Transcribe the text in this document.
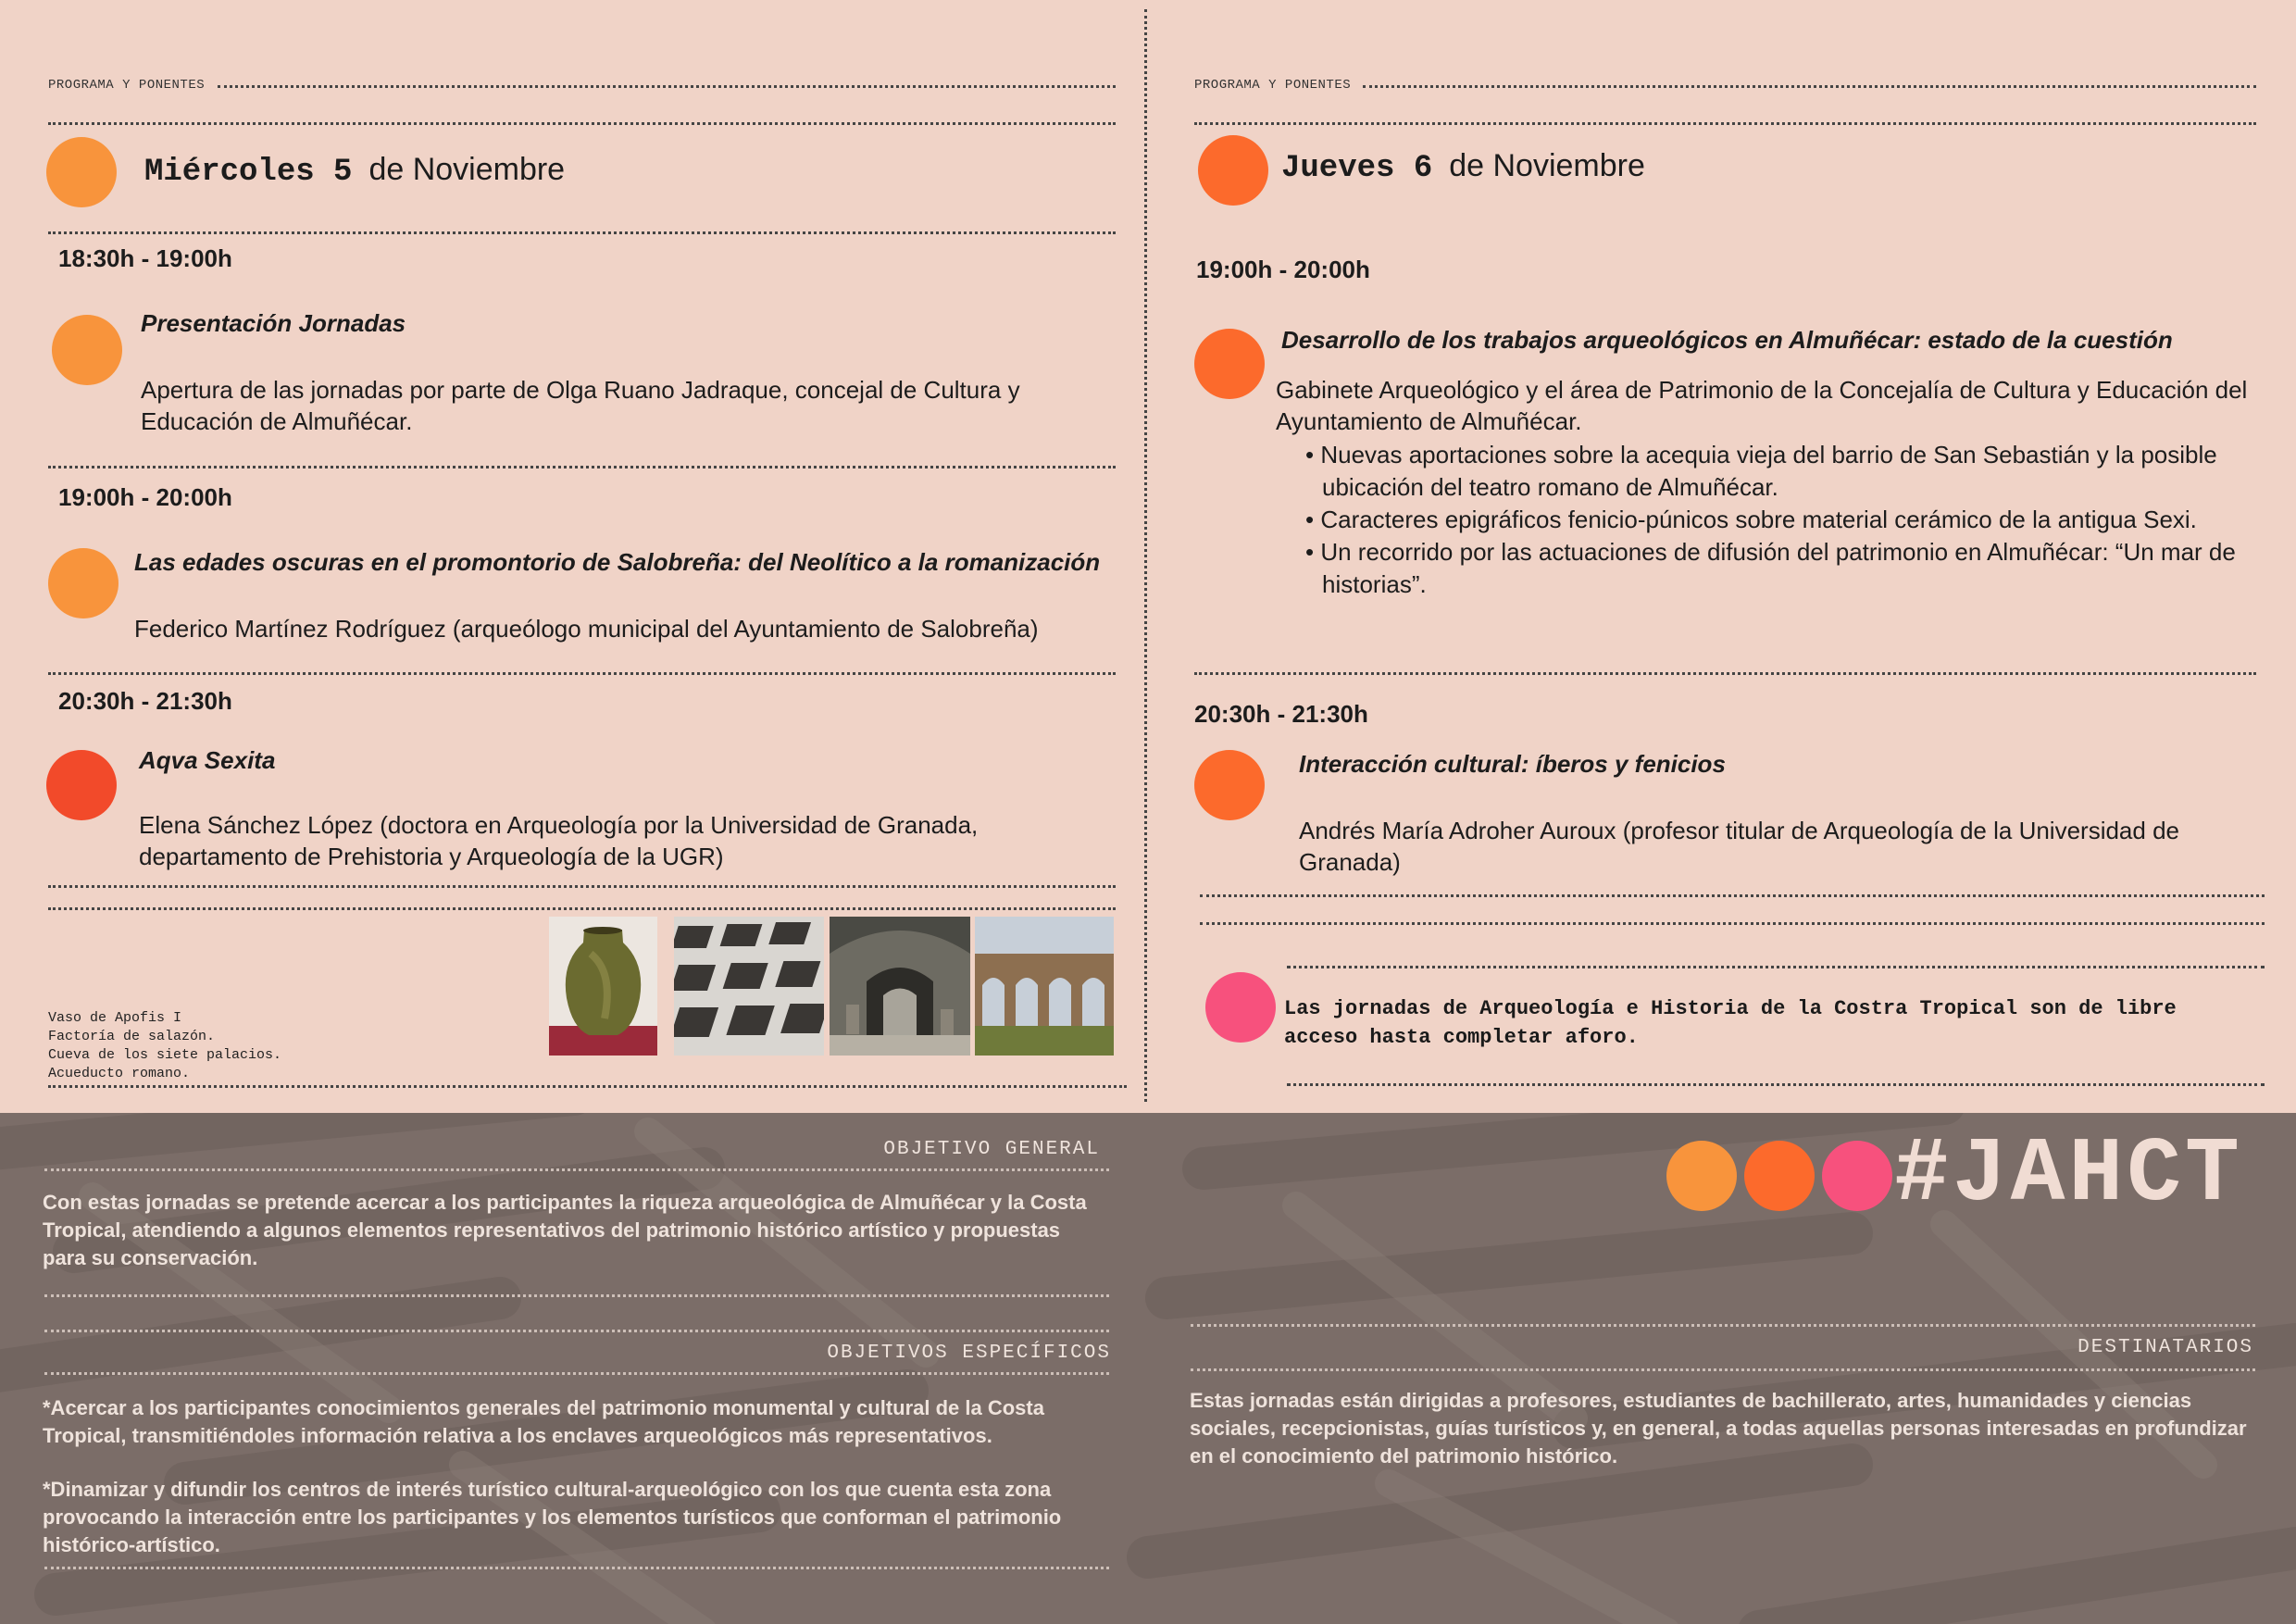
PROGRAMA Y PONENTES
Miércoles 5 de Noviembre
18:30h - 19:00h
Presentación Jornadas
Apertura de las jornadas por parte de Olga Ruano Jadraque, concejal de Cultura y Educación de Almuñécar.
19:00h - 20:00h
Las edades oscuras en el promontorio de Salobreña: del Neolítico a la romanización
Federico Martínez Rodríguez (arqueólogo municipal del Ayuntamiento de Salobreña)
20:30h - 21:30h
Aqva Sexita
Elena Sánchez López (doctora en Arqueología por la Universidad de Granada, departamento de Prehistoria y Arqueología de la UGR)
Vaso de Apofis I
Factoría de salazón.
Cueva de los siete palacios.
Acueducto romano.
PROGRAMA Y PONENTES
Jueves 6 de Noviembre
19:00h - 20:00h
Desarrollo de los trabajos arqueológicos en Almuñécar: estado de la cuestión
Gabinete Arqueológico y el área de Patrimonio de la Concejalía de Cultura y Educación del Ayuntamiento de Almuñécar.
• Nuevas aportaciones sobre la acequia vieja del barrio de San Sebastián y la posible ubicación del teatro romano de Almuñécar.
• Caracteres epigráficos fenicio-púnicos sobre material cerámico de la antigua Sexi.
• Un recorrido por las actuaciones de difusión del patrimonio en Almuñécar: “Un mar de historias”.
20:30h - 21:30h
Interacción cultural: íberos y fenicios
Andrés María Adroher Auroux (profesor titular de Arqueología de la Universidad de Granada)
Las jornadas de Arqueología e Historia de la Costra Tropical son de libre acceso hasta completar aforo.
OBJETIVO GENERAL
Con estas jornadas se pretende acercar a los participantes la riqueza arqueológica de Almuñécar y la Costa Tropical, atendiendo a algunos elementos representativos del patrimonio histórico artístico y propuestas para su conservación.
OBJETIVOS ESPECÍFICOS
*Acercar a los participantes conocimientos generales del patrimonio monumental y cultural de la Costa Tropical, transmitiéndoles información relativa a los enclaves arqueológicos más representativos.
*Dinamizar y difundir los centros de interés turístico cultural-arqueológico con los que cuenta esta zona provocando la interacción entre los participantes y los elementos turísticos que conforman el patrimonio histórico-artístico.
#JAHCT
DESTINATARIOS
Estas jornadas están dirigidas a profesores, estudiantes de bachillerato, artes, humanidades y ciencias sociales, recepcionistas, guías turísticos y, en general, a todas aquellas personas interesadas en profundizar en el conocimiento del patrimonio histórico.
